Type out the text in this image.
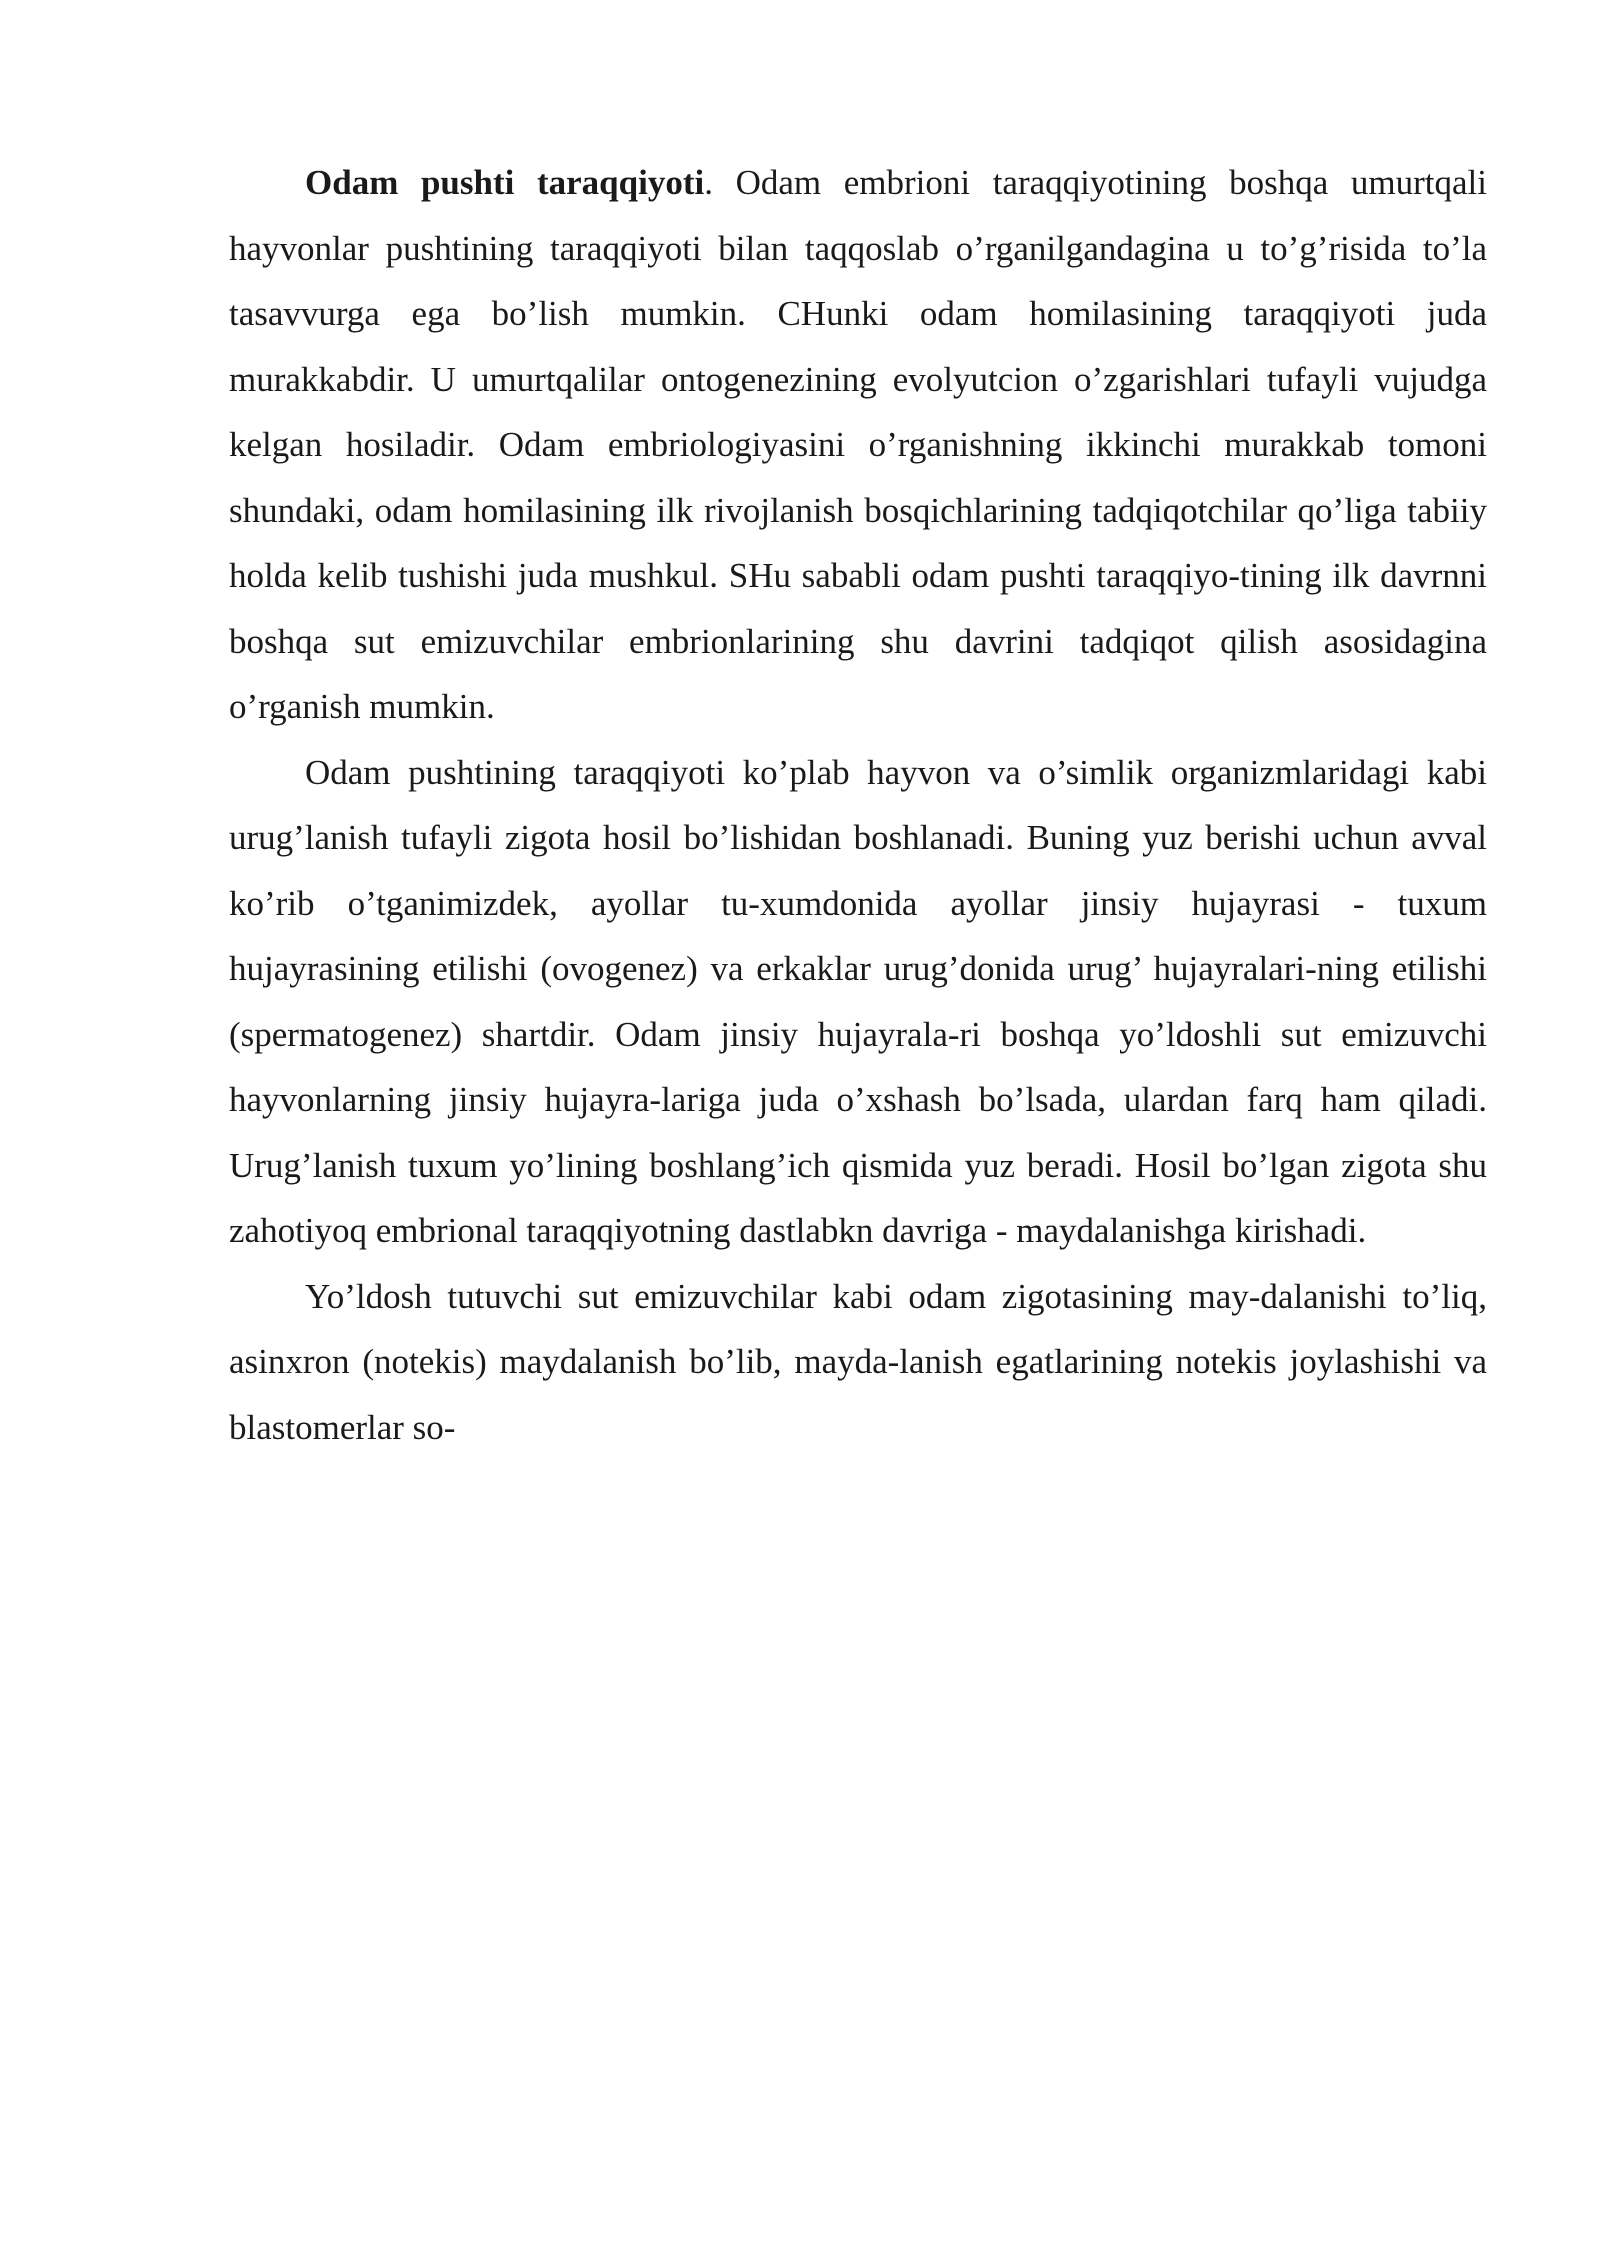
Odam pushti taraqqiyoti. Odam embrioni taraqqiyotining boshqa umurtqali hayvonlar pushtining taraqqiyoti bilan taqqoslab o’rganilgandagina u to’g’risida to’la tasavvurga ega bo’lish mumkin. CHunki odam homilasining taraqqiyoti juda murakkabdir. U umurtqalilar ontogenezining evolyutcion o’zgarishlari tufayli vujudga kelgan hosiladir. Odam embriologiyasini o’rganishning ikkinchi murakkab tomoni shundaki, odam homilasining ilk rivojlanish bosqichlarining tadqiqotchilar qo’liga tabiiy holda kelib tushishi juda mushkul. SHu sababli odam pushti taraqqiyo-tining ilk davrnni boshqa sut emizuvchilar embrionlarining shu davrini tadqiqot qilish asosidagina o’rganish mumkin.

Odam pushtining taraqqiyoti ko’plab hayvon va o’simlik organizmlaridagi kabi urug’lanish tufayli zigota hosil bo’lishidan boshlanadi. Buning yuz berishi uchun avval ko’rib o’tganimizdek, ayollar tu-xumdonida ayollar jinsiy hujayrasi - tuxum hujayrasining etilishi (ovogenez) va erkaklar urug’donida urug’ hujayralari-ning etilishi (spermatogenez) shartdir. Odam jinsiy hujayrala-ri boshqa yo’ldoshli sut emizuvchi hayvonlarning jinsiy hujayra-lariga juda o’xshash bo’lsada, ulardan farq ham qiladi. Urug’lanish tuxum yo’lining boshlang’ich qismida yuz beradi. Hosil bo’lgan zigota shu zahotiyoq embrional taraqqiyotning dastlabkn davriga - maydalanishga kirishadi.

Yo’ldosh tutuvchi sut emizuvchilar kabi odam zigotasining may-dalanishi to’liq, asinxron (notekis) maydalanish bo’lib, mayda-lanish egatlarining notekis joylashishi va blastomerlar so-
